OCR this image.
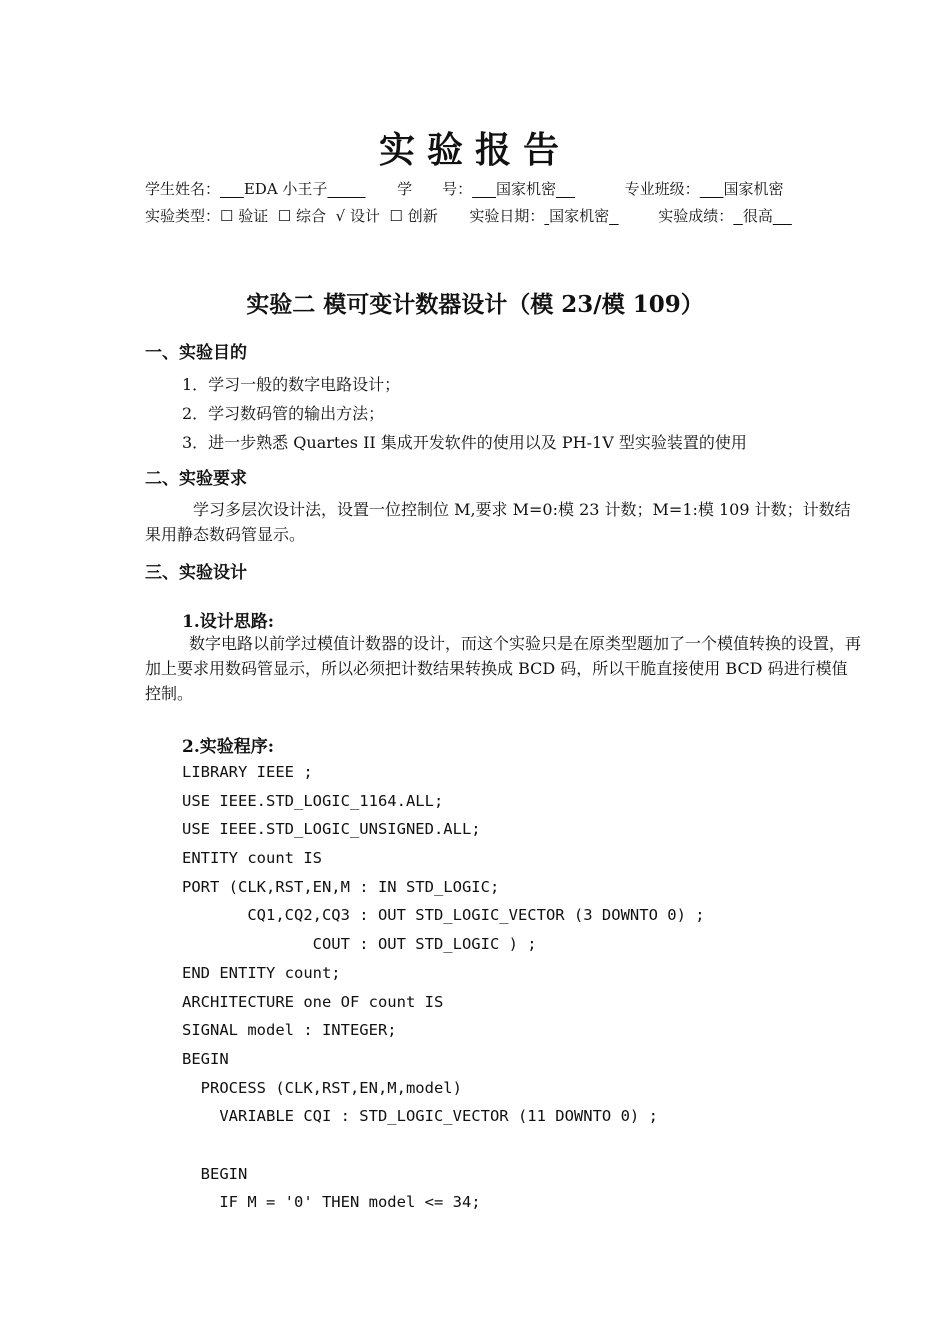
实验报告
学生姓名： EDA 小王子	学　　号： 国家机密	专业班级： 国家机密
实验类型：☐ 验证 ☐ 综合 √ 设计 ☐ 创新 实验日期： 国家机密	实验成绩： 很高
实验二 模可变计数器设计（模 23/模 109）
一、实验目的
1．学习一般的数字电路设计；
2．学习数码管的输出方法；
3．进一步熟悉 Quartes II 集成开发软件的使用以及 PH-1V 型实验装置的使用
二、实验要求
学习多层次设计法，设置一位控制位 M,要求 M=0:模 23 计数；M=1:模 109 计数；计数结果用静态数码管显示。
三、实验设计
1.设计思路:
数字电路以前学过模值计数器的设计，而这个实验只是在原类型题加了一个模值转换的设置，再加上要求用数码管显示，所以必须把计数结果转换成 BCD 码，所以干脆直接使用 BCD 码进行模值控制。
2.实验程序:
LIBRARY IEEE ;
USE IEEE.STD_LOGIC_1164.ALL;
USE IEEE.STD_LOGIC_UNSIGNED.ALL;
ENTITY count IS
PORT (CLK,RST,EN,M : IN STD_LOGIC;
CQ1,CQ2,CQ3 : OUT STD_LOGIC_VECTOR (3 DOWNTO 0) ;
COUT : OUT STD_LOGIC ) ;
END ENTITY count;
ARCHITECTURE one OF count IS
SIGNAL model : INTEGER;
BEGIN
PROCESS (CLK,RST,EN,M,model)
VARIABLE CQI : STD_LOGIC_VECTOR (11 DOWNTO 0) ;
BEGIN
IF M = '0' THEN model <= 34;
